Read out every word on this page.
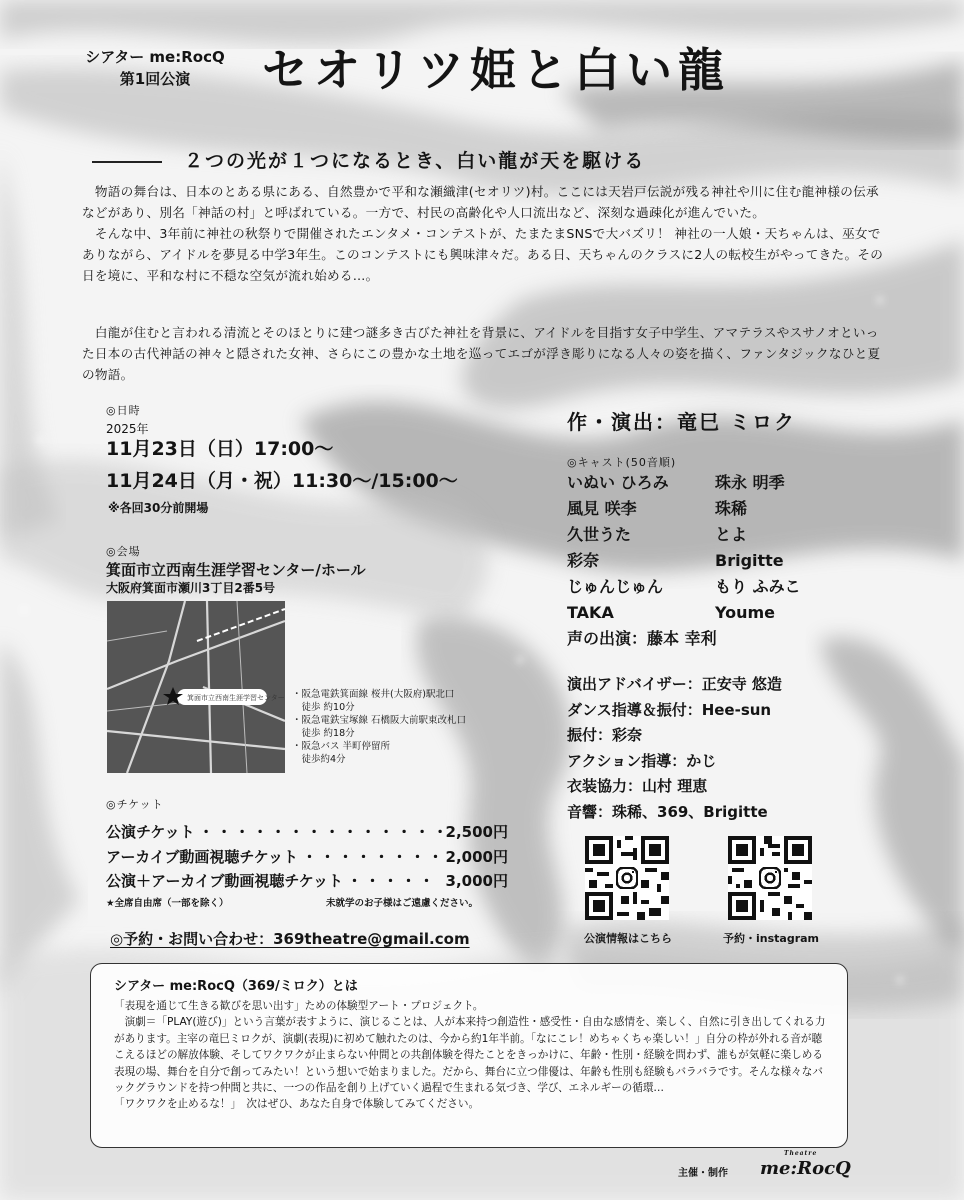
シアター me:RocQ
第1回公演	セオリツ姫と白い龍
２つの光が１つになるとき、白い龍が天を駆ける
　物語の舞台は、日本のとある県にある、自然豊かで平和な瀬織津(セオリツ)村。ここには天岩戸伝説が残る神社や川に住む龍神様の伝承などがあり、別名「神話の村」と呼ばれている。一方で、村民の高齢化や人口流出など、深刻な過疎化が進んでいた。
　そんな中、3年前に神社の秋祭りで開催されたエンタメ・コンテストが、たまたまSNSで大バズリ！ 神社の一人娘・天ちゃんは、巫女でありながら、アイドルを夢見る中学3年生。このコンテストにも興味津々だ。ある日、天ちゃんのクラスに2人の転校生がやってきた。その日を境に、平和な村に不穏な空気が流れ始める…。
　白龍が住むと言われる清流とそのほとりに建つ謎多き古びた神社を背景に、アイドルを目指す女子中学生、アマテラスやスサノオといった日本の古代神話の神々と隠された女神、さらにこの豊かな土地を巡ってエゴが浮き彫りになる人々の姿を描く、ファンタジックなひと夏の物語。
◎日時
2025年
11月23日（日）17:00～
11月24日（月・祝）11:30～/15:00～
※各回30分前開場
◎会場
箕面市立西南生涯学習センター/ホール
大阪府箕面市瀬川3丁目2番5号
箕面市立西南生涯学習センター ・阪急電鉄箕面線 桜井(大阪府)駅北口
　徒歩 約10分
・阪急電鉄宝塚線 石橋阪大前駅東改札口
　徒歩 約18分
・阪急バス 半町停留所
　徒歩約4分
◎チケット
公演チケット ・・・・・・・・・・・・・・・・・・・・・・・・・・・・・・	2,500円
アーカイブ動画視聴チケット ・・・・・・・・・・・・・・・・・・・・・・・・・・・・・・	2,000円
公演＋アーカイブ動画視聴チケット ・・・・・・・・・・・・・・・・・・・・・・・・・・・・・・	3,000円
★全席自由席（一部を除く）	未就学のお子様はご遠慮ください。
◎予約・お問い合わせ：369theatre@gmail.com
作・演出：竜巳 ミロク
◎キャスト(50音順)
いぬい ひろみ	珠永 明季
風見 咲李	珠稀
久世うた	とよ
彩奈	Brigitte
じゅんじゅん	もり ふみこ
TAKA	Youme
声の出演：藤本 幸利
演出アドバイザー：正安寺 悠造
ダンス指導＆振付：Hee-sun
振付：彩奈
アクション指導：かじ
衣装協力：山村 理恵
音響：珠稀、369、Brigitte
公演情報はこちら	予約・instagram
シアター me:RocQ（369/ミロク）とは
「表現を通じて生きる歓びを思い出す」ための体験型アート・プロジェクト。
　演劇＝「PLAY(遊び)」という言葉が表すように、演じることは、人が本来持つ創造性・感受性・自由な感情を、楽しく、自然に引き出してくれる力があります。主宰の竜巳ミロクが、演劇(表現)に初めて触れたのは、今から約1年半前。「なにこレ！めちゃくちゃ楽しい！」自分の枠が外れる音が聴こえるほどの解放体験、そしてワクワクが止まらない仲間との共創体験を得たことをきっかけに、年齢・性別・経験を問わず、誰もが気軽に楽しめる表現の場、舞台を自分で創ってみたい！という想いで始まりました。だから、舞台に立つ俳優は、年齢も性別も経験もバラバラです。そんな様々なバックグラウンドを持つ仲間と共に、一つの作品を創り上げていく過程で生まれる気づき、学び、エネルギーの循環…
「ワクワクを止めるな！」　次はぜひ、あなた自身で体験してみてください。
主催・制作
Theatre
me:RocQ
